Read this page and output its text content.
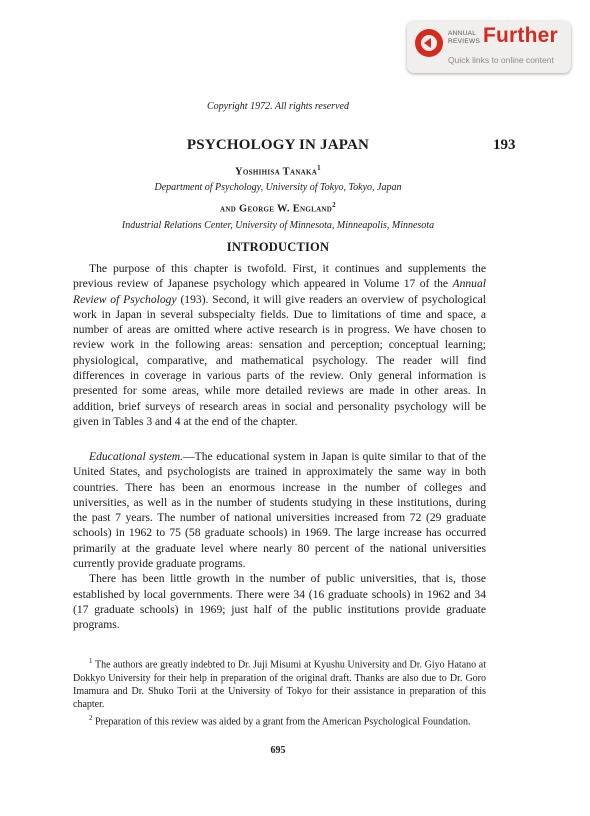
ANNUAL
REVIEWS Further
Quick links to online content
Copyright 1972. All rights reserved
PSYCHOLOGY IN JAPAN	193
Yoshihisa Tanaka$^1$
Department of Psychology, University of Tokyo, Tokyo, Japan
and George W. England$^2$
Industrial Relations Center, University of Minnesota, Minneapolis, Minnesota
INTRODUCTION

The purpose of this chapter is twofold. First, it continues and supplements the previous review of Japanese psychology which appeared in Volume 17 of the Annual Review of Psychology (193). Second, it will give readers an overview of psychological work in Japan in several subspecialty fields. Due to limitations of time and space, a number of areas are omitted where active research is in progress. We have chosen to review work in the following areas: sensation and perception; conceptual learning; physiological, comparative, and mathematical psychology. The reader will find differences in coverage in various parts of the review. Only general information is presented for some areas, while more detailed reviews are made in other areas. In addition, brief surveys of research areas in social and personality psychology will be given in Tables 3 and 4 at the end of the chapter.

Educational system.—The educational system in Japan is quite similar to that of the United States, and psychologists are trained in approximately the same way in both countries. There has been an enormous increase in the number of colleges and universities, as well as in the number of students studying in these institutions, during the past 7 years. The number of national universities increased from 72 (29 graduate schools) in 1962 to 75 (58 graduate schools) in 1969. The large increase has occurred primarily at the graduate level where nearly 80 percent of the national universities currently provide graduate programs.

There has been little growth in the number of public universities, that is, those established by local governments. There were 34 (16 graduate schools) in 1962 and 34 (17 graduate schools) in 1969; just half of the public institutions provide graduate programs.

$^1$ The authors are greatly indebted to Dr. Juji Misumi at Kyushu University and Dr. Giyo Hatano at Dokkyo University for their help in preparation of the original draft. Thanks are also due to Dr. Goro Imamura and Dr. Shuko Torii at the University of Tokyo for their assistance in preparation of this chapter.

$^2$ Preparation of this review was aided by a grant from the American Psychological Foundation.

695
